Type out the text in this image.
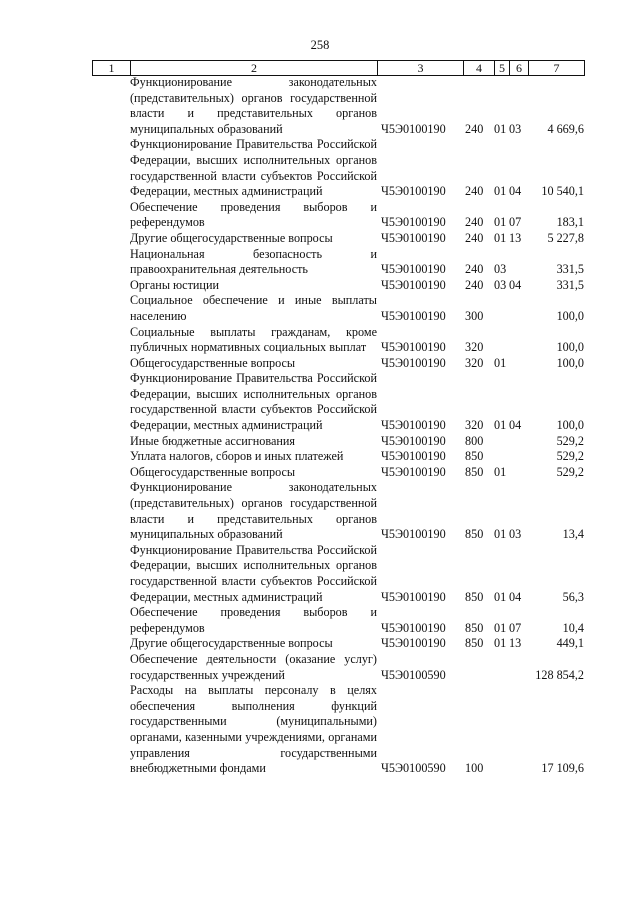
258
1	2	3	4	5	6	7
Функционирование законодательных (представительных) органов государственной власти и представительных органов муниципальных образований	Ч5Э0100190	240 01 03	4 669,6
Функционирование Правительства Российской Федерации, высших исполнительных органов государственной власти субъектов Российской Федерации, местных администраций	Ч5Э0100190	240 01 04	10 540,1
Обеспечение проведения выборов и референдумов	Ч5Э0100190	240 01 07	183,1
Другие общегосударственные вопросы	Ч5Э0100190	240 01 13	5 227,8
Национальная безопасность и правоохранительная деятельность	Ч5Э0100190	240 03	331,5
Органы юстиции	Ч5Э0100190	240 03 04	331,5
Социальное обеспечение и иные выплаты населению	Ч5Э0100190	300	100,0
Социальные выплаты гражданам, кроме публичных нормативных социальных выплат	Ч5Э0100190	320	100,0
Общегосударственные вопросы	Ч5Э0100190	320 01	100,0
Функционирование Правительства Российской Федерации, высших исполнительных органов государственной власти субъектов Российской Федерации, местных администраций	Ч5Э0100190	320 01 04	100,0
Иные бюджетные ассигнования	Ч5Э0100190	800	529,2
Уплата налогов, сборов и иных платежей	Ч5Э0100190	850	529,2
Общегосударственные вопросы	Ч5Э0100190	850 01	529,2
Функционирование законодательных (представительных) органов государственной власти и представительных органов муниципальных образований	Ч5Э0100190	850 01 03	13,4
Функционирование Правительства Российской Федерации, высших исполнительных органов государственной власти субъектов Российской Федерации, местных администраций	Ч5Э0100190	850 01 04	56,3
Обеспечение проведения выборов и референдумов	Ч5Э0100190	850 01 07	10,4
Другие общегосударственные вопросы	Ч5Э0100190	850 01 13	449,1
Обеспечение деятельности (оказание услуг) государственных учреждений	Ч5Э0100590	128 854,2
Расходы на выплаты персоналу в целях обеспечения выполнения функций государственными (муниципальными) органами, казенными учреждениями, органами управления государственными внебюджетными фондами	Ч5Э0100590	100	17 109,6
